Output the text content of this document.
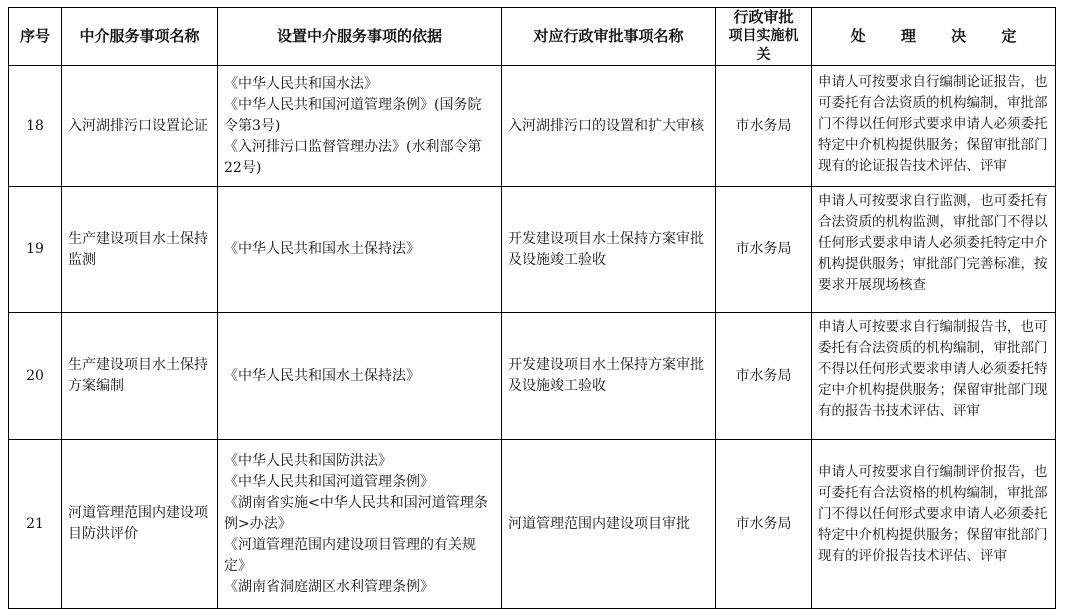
序号	中介服务事项名称	设置中介服务事项的依据	对应行政审批事项名称	行政审批
项目实施机关	处 理 决 定
18	入河湖排污口设置论证	《中华人民共和国水法》
《中华人民共和国河道管理条例》(国务院令第3号)
《入河排污口监督管理办法》(水利部令第22号)	入河湖排污口的设置和扩大审核	市水务局	申请人可按要求自行编制论证报告，也可委托有合法资质的机构编制，审批部门不得以任何形式要求申请人必须委托特定中介机构提供服务；保留审批部门现有的论证报告技术评估、评审

19	生产建设项目水土保持监测	《中华人民共和国水土保持法》	开发建设项目水土保持方案审批及设施竣工验收	市水务局	申请人可按要求自行监测，也可委托有合法资质的机构监测，审批部门不得以任何形式要求申请人必须委托特定中介机构提供服务；审批部门完善标准，按要求开展现场核查

20	生产建设项目水土保持方案编制	《中华人民共和国水土保持法》	开发建设项目水土保持方案审批及设施竣工验收	市水务局	申请人可按要求自行编制报告书，也可委托有合法资质的机构编制，审批部门不得以任何形式要求申请人必须委托特定中介机构提供服务；保留审批部门现有的报告书技术评估、评审

21	河道管理范围内建设项目防洪评价	《中华人民共和国防洪法》
《中华人民共和国河道管理条例》
《湖南省实施<中华人民共和国河道管理条例>办法》
《河道管理范围内建设项目管理的有关规定》
《湖南省洞庭湖区水利管理条例》	河道管理范围内建设项目审批	市水务局	申请人可按要求自行编制评价报告，也可委托有合法资格的机构编制，审批部门不得以任何形式要求申请人必须委托特定中介机构提供服务；保留审批部门现有的评价报告技术评估、评审
